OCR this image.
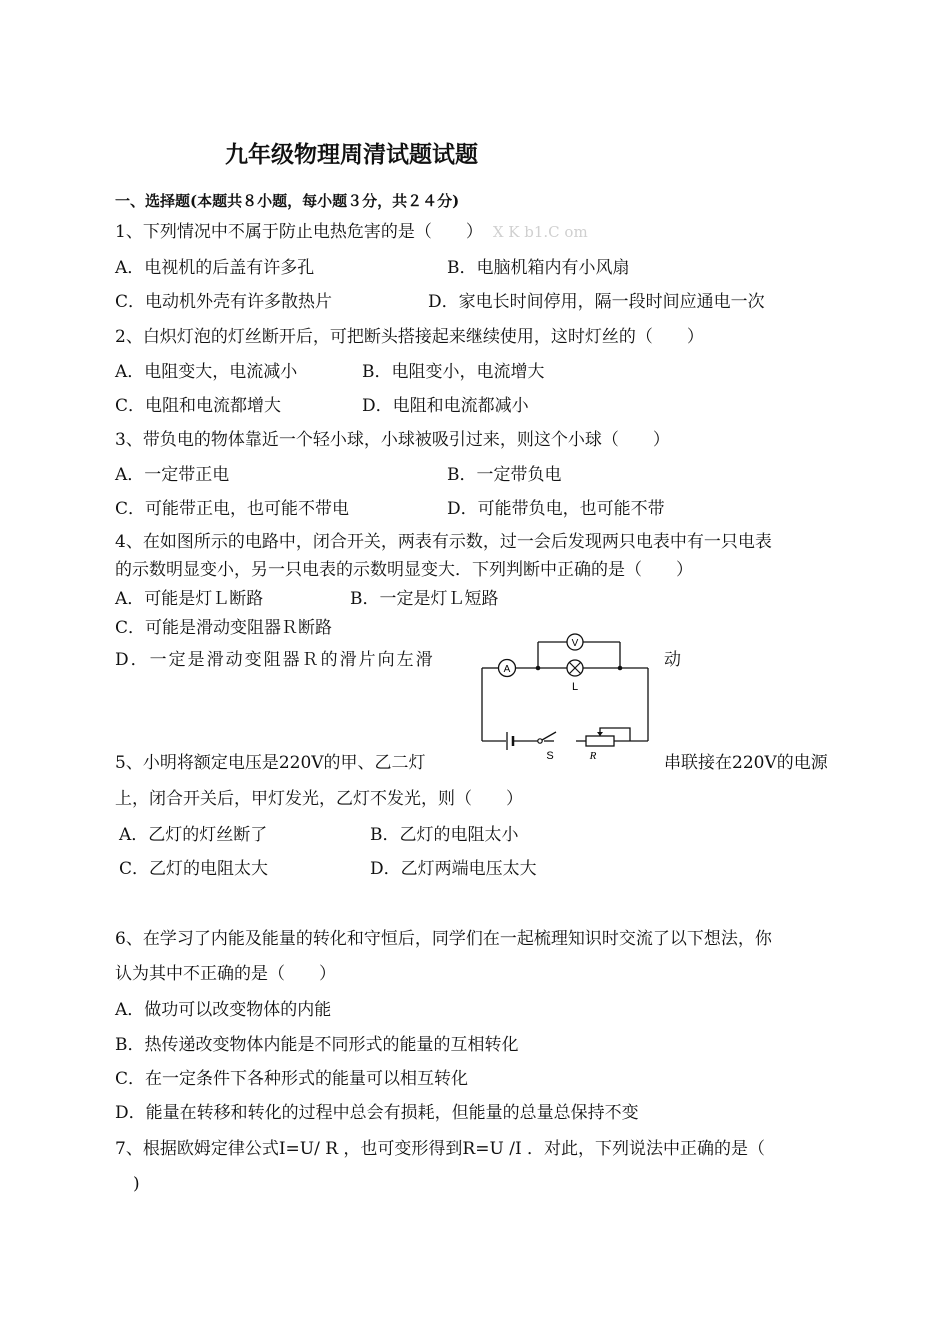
九年级物理周清试题试题
一、选择题(本题共８小题，每小题３分，共２４分)
1、下列情况中不属于防止电热危害的是（　　） X K b1.C om
A．电视机的后盖有许多孔	B．电脑机箱内有小风扇
C．电动机外壳有许多散热片	D．家电长时间停用，隔一段时间应通电一次
2、白炽灯泡的灯丝断开后，可把断头搭接起来继续使用，这时灯丝的（　　）
A．电阻变大，电流减小	B．电阻变小，电流增大
C．电阻和电流都增大	D．电阻和电流都减小
3、带负电的物体靠近一个轻小球，小球被吸引过来，则这个小球（　　）
A．一定带正电	B．一定带负电
C．可能带正电，也可能不带电	D．可能带负电，也可能不带
4、在如图所示的电路中，闭合开关，两表有示数，过一会后发现两只电表中有一只电表
的示数明显变小，另一只电表的示数明显变大．下列判断中正确的是（　　）
A．可能是灯Ｌ断路	B．一定是灯Ｌ短路
C．可能是滑动变阻器Ｒ断路
D．一定是滑动变阻器Ｒ的滑片向左滑	动
A
V
L
S	R
5、小明将额定电压是220V的甲、乙二灯	串联接在220V的电源
上，闭合开关后，甲灯发光，乙灯不发光，则（　　）
A．乙灯的灯丝断了	B．乙灯的电阻太小
C．乙灯的电阻太大	D．乙灯两端电压太大
6、在学习了内能及能量的转化和守恒后，同学们在一起梳理知识时交流了以下想法，你
认为其中不正确的是（　　）
A．做功可以改变物体的内能
B．热传递改变物体内能是不同形式的能量的互相转化
C．在一定条件下各种形式的能量可以相互转化
D．能量在转移和转化的过程中总会有损耗，但能量的总量总保持不变
7、根据欧姆定律公式I=U/ R ，也可变形得到R=U /I ．对此，下列说法中正确的是（
)
